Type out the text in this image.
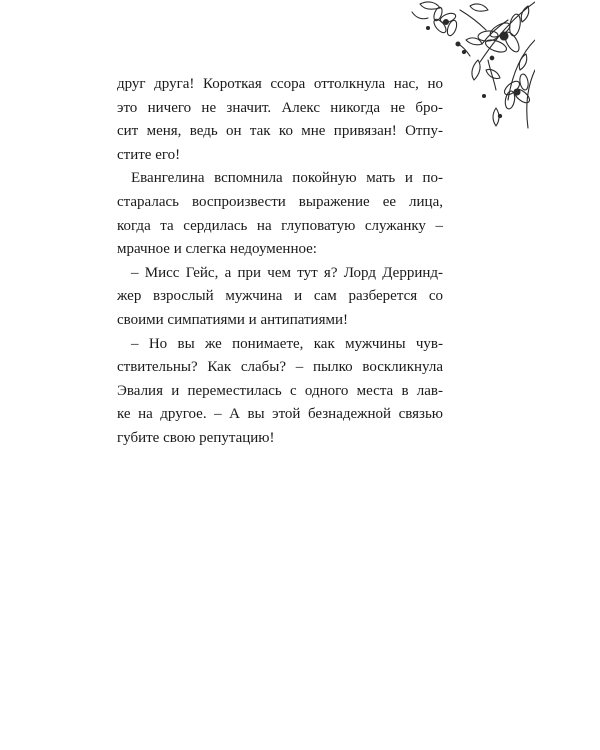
друг друга! Короткая ссора оттолкнула нас, но
это ничего не значит. Алекс никогда не бро-
сит меня, ведь он так ко мне привязан! Отпу-
стите его!
Евангелина вспомнила покойную мать и по-
старалась воспроизвести выражение ее лица,
когда та сердилась на глуповатую служанку –
мрачное и слегка недоуменное:
– Мисс Гейс, а при чем тут я? Лорд Дерринд-
жер взрослый мужчина и сам разберется со
своими симпатиями и антипатиями!
– Но вы же понимаете, как мужчины чув-
ствительны? Как слабы? – пылко воскликнула
Эвалия и переместилась с одного места в лав-
ке на другое. – А вы этой безнадежной связью
губите свою репутацию!
